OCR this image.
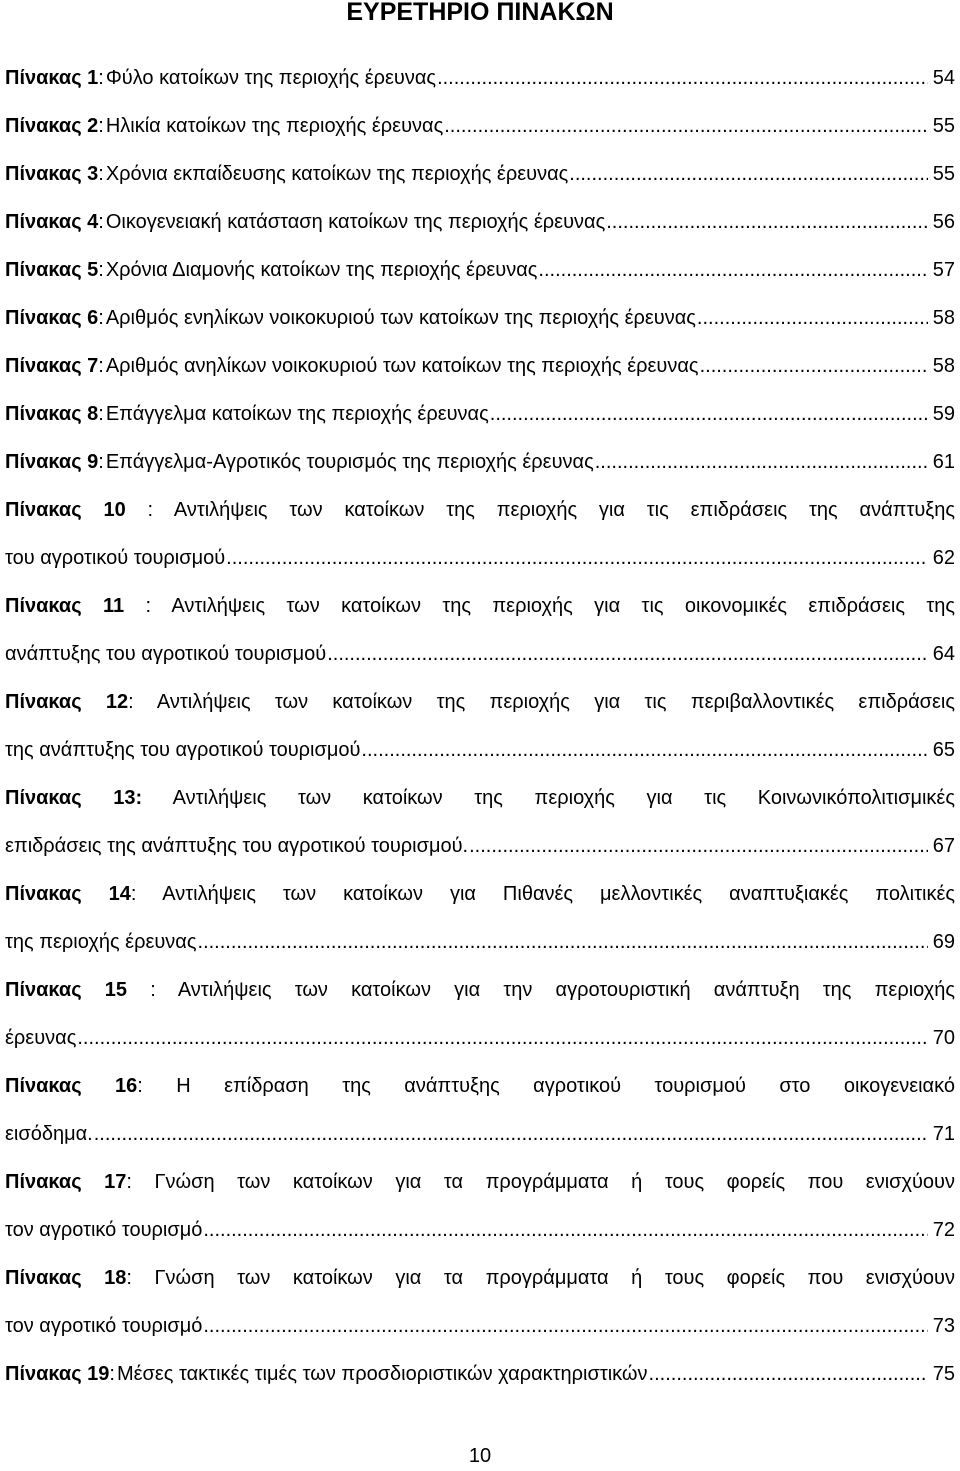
ΕΥΡΕΤΗΡΙΟ ΠΙΝΑΚΩΝ
Πίνακας 1 : Φύλο κατοίκων της περιοχής έρευνας .....	54
Πίνακας 2 : Ηλικία κατοίκων της περιοχής έρευνας .....	55
Πίνακας 3 : Χρόνια εκπαίδευσης κατοίκων της περιοχής έρευνας .....	55
Πίνακας 4 : Οικογενειακή κατάσταση κατοίκων της περιοχής έρευνας .....	56
Πίνακας 5 : Χρόνια Διαμονής κατοίκων της περιοχής έρευνας .....	57
Πίνακας 6 : Αριθμός ενηλίκων νοικοκυριού των κατοίκων της περιοχής έρευνας .....	58
Πίνακας 7 : Αριθμός ανηλίκων νοικοκυριού των κατοίκων της περιοχής έρευνας .....	58
Πίνακας 8 : Επάγγελμα κατοίκων της περιοχής έρευνας .....	59
Πίνακας 9 : Επάγγελμα-Αγροτικός τουρισμός της περιοχής έρευνας .....	61
Πίνακας 10 : Αντιλήψεις των κατοίκων της περιοχής για τις επιδράσεις της ανάπτυξης
του αγροτικού τουρισμού .....	62
Πίνακας 11 : Αντιλήψεις των κατοίκων της περιοχής για τις οικονομικές επιδράσεις της
ανάπτυξης του αγροτικού τουρισμού .....	64
Πίνακας 12: Αντιλήψεις των κατοίκων της περιοχής για τις περιβαλλοντικές επιδράσεις
της ανάπτυξης του αγροτικού τουρισμού .....	65
Πίνακας 13: Αντιλήψεις των κατοίκων της περιοχής για τις Κοινωνικόπολιτισμικές
επιδράσεις της ανάπτυξης του αγροτικού τουρισμού. .....	67
Πίνακας 14: Αντιλήψεις των κατοίκων για Πιθανές μελλοντικές αναπτυξιακές πολιτικές
της περιοχής έρευνας .....	69
Πίνακας 15 : Αντιλήψεις των κατοίκων για την αγροτουριστική ανάπτυξη της περιοχής
έρευνας .....	70
Πίνακας 16: Η επίδραση της ανάπτυξης αγροτικού τουρισμού στο οικογενειακό
εισόδημα. .....	71
Πίνακας 17: Γνώση των κατοίκων για τα προγράμματα ή τους φορείς που ενισχύουν
τον αγροτικό τουρισμό .....	72
Πίνακας 18: Γνώση των κατοίκων για τα προγράμματα ή τους φορείς που ενισχύουν
τον αγροτικό τουρισμό .....	73
Πίνακας 19 : Μέσες τακτικές τιμές των προσδιοριστικών χαρακτηριστικών .....	75
10
